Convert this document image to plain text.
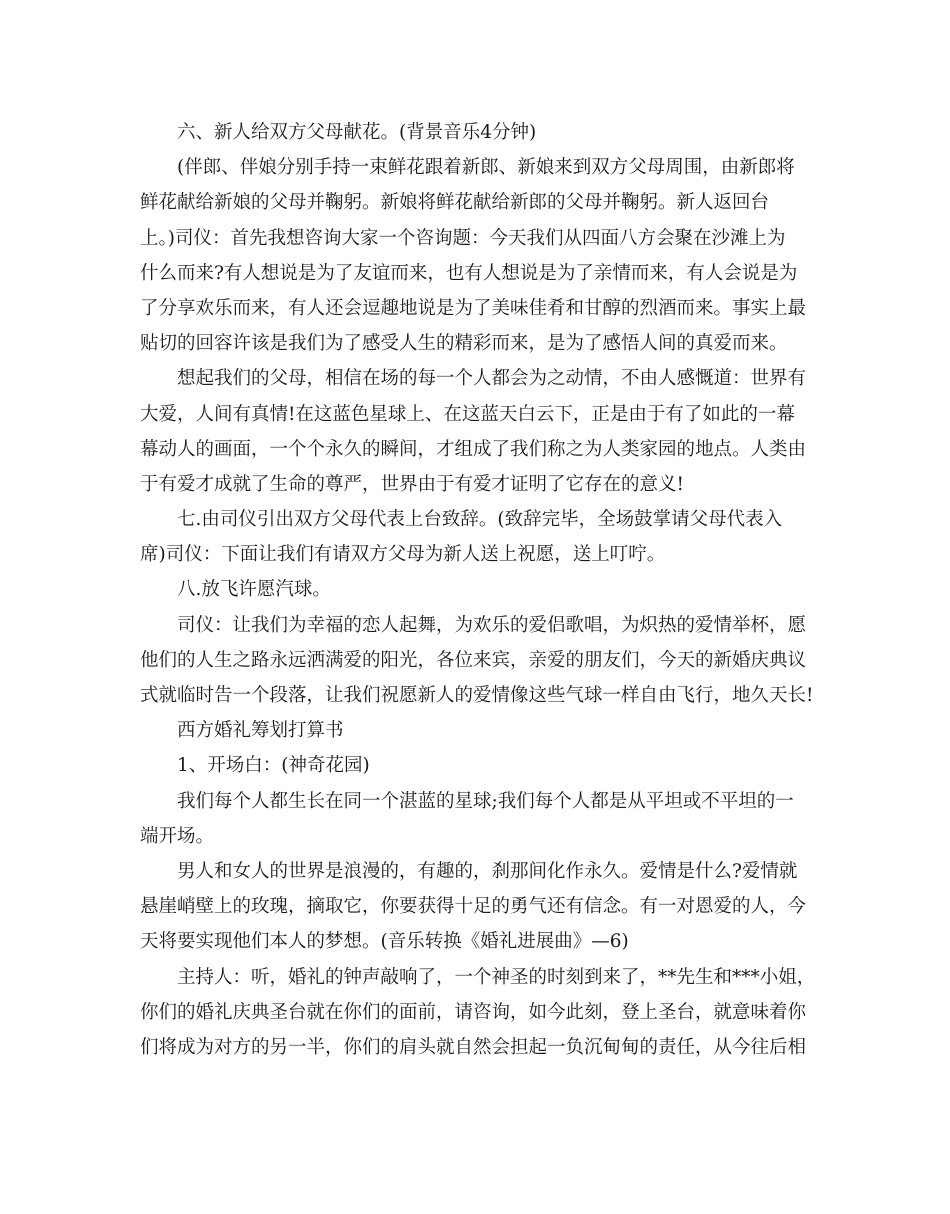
六、新人给双方父母献花。(背景音乐4分钟)
(伴郎、伴娘分别手持一束鲜花跟着新郎、新娘来到双方父母周围，由新郎将
鲜花献给新娘的父母并鞠躬。新娘将鲜花献给新郎的父母并鞠躬。新人返回台
上。)司仪：首先我想咨询大家一个咨询题：今天我们从四面八方会聚在沙滩上为
什么而来?有人想说是为了友谊而来，也有人想说是为了亲情而来，有人会说是为
了分享欢乐而来，有人还会逗趣地说是为了美味佳肴和甘醇的烈酒而来。事实上最
贴切的回容许该是我们为了感受人生的精彩而来，是为了感悟人间的真爱而来。
想起我们的父母，相信在场的每一个人都会为之动情，不由人感慨道：世界有
大爱，人间有真情!在这蓝色星球上、在这蓝天白云下，正是由于有了如此的一幕
幕动人的画面，一个个永久的瞬间，才组成了我们称之为人类家园的地点。人类由
于有爱才成就了生命的尊严，世界由于有爱才证明了它存在的意义!
七.由司仪引出双方父母代表上台致辞。(致辞完毕，全场鼓掌请父母代表入
席)司仪：下面让我们有请双方父母为新人送上祝愿，送上叮咛。
八.放飞许愿汽球。
司仪：让我们为幸福的恋人起舞，为欢乐的爱侣歌唱，为炽热的爱情举杯，愿
他们的人生之路永远洒满爱的阳光，各位来宾，亲爱的朋友们，今天的新婚庆典议
式就临时告一个段落，让我们祝愿新人的爱情像这些气球一样自由飞行，地久天长!
西方婚礼筹划打算书
1、开场白：(神奇花园)
我们每个人都生长在同一个湛蓝的星球;我们每个人都是从平坦或不平坦的一
端开场。
男人和女人的世界是浪漫的，有趣的，刹那间化作永久。爱情是什么?爱情就
悬崖峭壁上的玫瑰，摘取它，你要获得十足的勇气还有信念。有一对恩爱的人，今
天将要实现他们本人的梦想。(音乐转换《婚礼进展曲》—6)
主持人：听，婚礼的钟声敲响了，一个神圣的时刻到来了，**先生和***小姐，
你们的婚礼庆典圣台就在你们的面前，请咨询，如今此刻，登上圣台，就意味着你
们将成为对方的另一半，你们的肩头就自然会担起一负沉甸甸的责任，从今往后相
